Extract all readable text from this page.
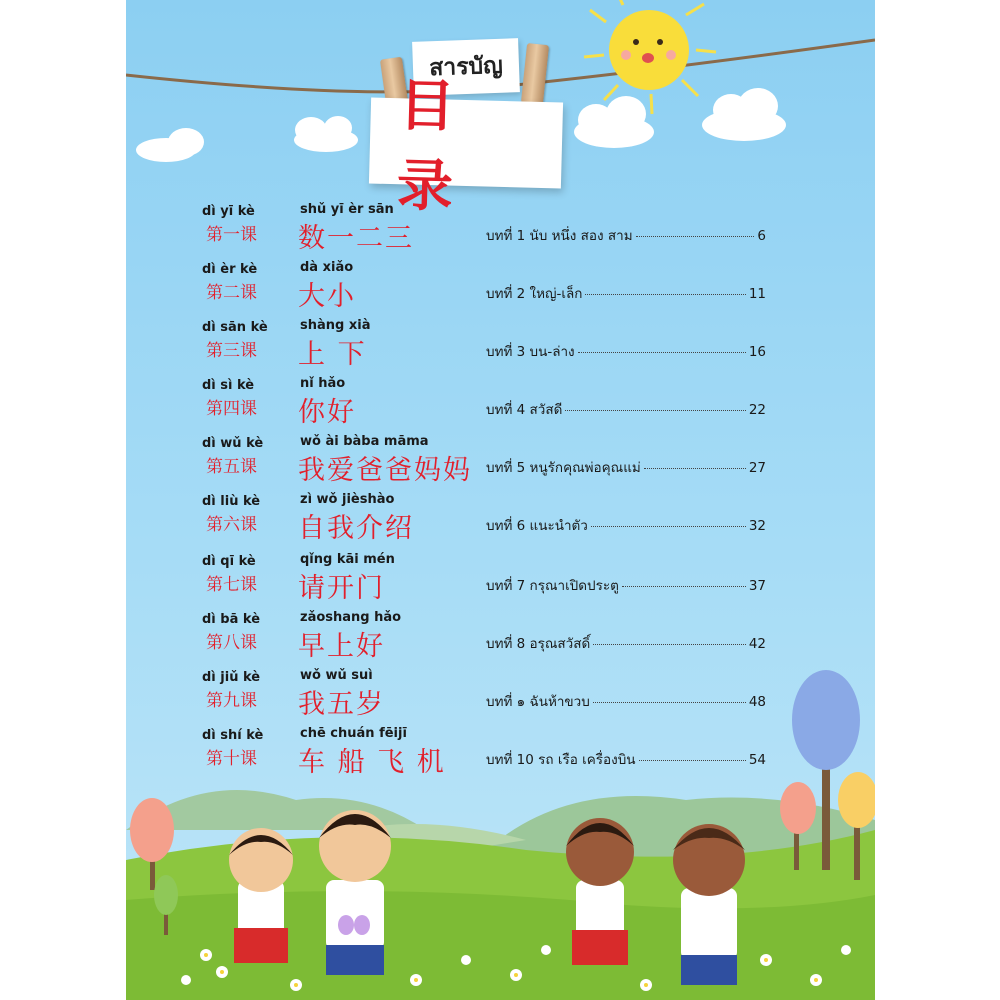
สารบัญ
目录
dì yī kè
第一课
shǔ yī èr sān
数一二三	บทที่ 1 นับ หนึ่ง สอง สาม	6
dì èr kè
第二课
dà xiǎo
大小	บทที่ 2 ใหญ่-เล็ก	11
dì sān kè
第三课
shàng xià
上 下	บทที่ 3 บน-ล่าง	16
dì sì kè
第四课
nǐ hǎo
你好	บทที่ 4 สวัสดี	22
dì wǔ kè
第五课
wǒ ài bàba māma
我爱爸爸妈妈 บทที่ 5 หนูรักคุณพ่อคุณแม่	27
dì liù kè
第六课
zì wǒ jièshào
自我介绍	บทที่ 6 แนะนำตัว	32
dì qī kè
第七课
qǐng kāi mén
请开门	บทที่ 7 กรุณาเปิดประตู	37
dì bā kè
第八课
zǎoshang hǎo
早上好	บทที่ 8 อรุณสวัสดิ์	42
dì jiǔ kè
第九课
wǒ wǔ suì
我五岁	บทที่ ๑ ฉันห้าขวบ	48
dì shí kè
第十课
chē chuán fēijī
车 船 飞 机	บทที่ 10 รถ เรือ เครื่องบิน	54
